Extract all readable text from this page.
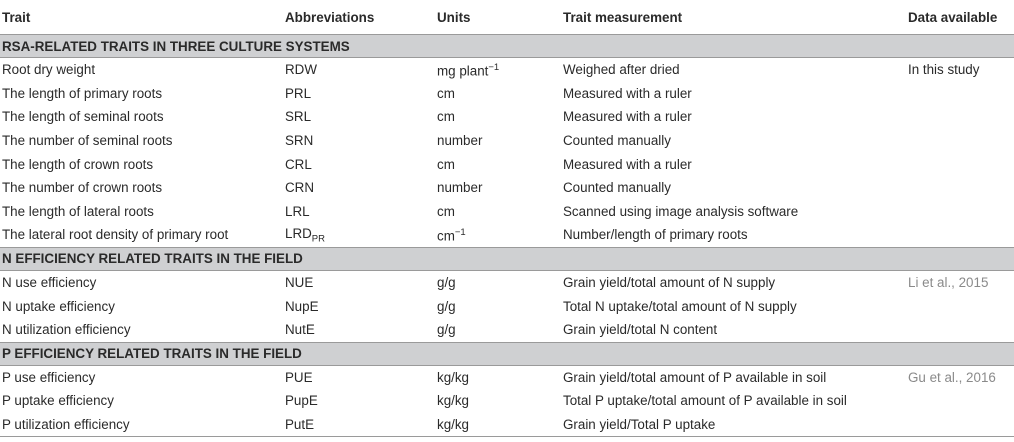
Trait	Abbreviations	Units	Trait measurement	Data available
RSA-RELATED TRAITS IN THREE CULTURE SYSTEMS				
Root dry weight	RDW	mg plant$^{-1}$	Weighed after dried	In this study
The length of primary roots	PRL	cm	Measured with a ruler	
The length of seminal roots	SRL	cm	Measured with a ruler	
The number of seminal roots	SRN	number	Counted manually	
The length of crown roots	CRL	cm	Measured with a ruler	
The number of crown roots	CRN	number	Counted manually	
The length of lateral roots	LRL	cm	Scanned using image analysis software	
The lateral root density of primary root	$LRD_{PR}$	$cm^{-1}$	Number/length of primary roots	
N EFFICIENCY RELATED TRAITS IN THE FIELD				
N use efficiency	NUE	g/g	Grain yield/total amount of N supply	Li et al., 2015
N uptake efficiency	NupE	g/g	Total N uptake/total amount of N supply	
N utilization efficiency	NutE	g/g	Grain yield/total N content	
P EFFICIENCY RELATED TRAITS IN THE FIELD				
P use efficiency	PUE	kg/kg	Grain yield/total amount of P available in soil	Gu et al., 2016
P uptake efficiency	PupE	kg/kg	Total P uptake/total amount of P available in soil	
P utilization efficiency	PutE	kg/kg	Grain yield/Total P uptake	
